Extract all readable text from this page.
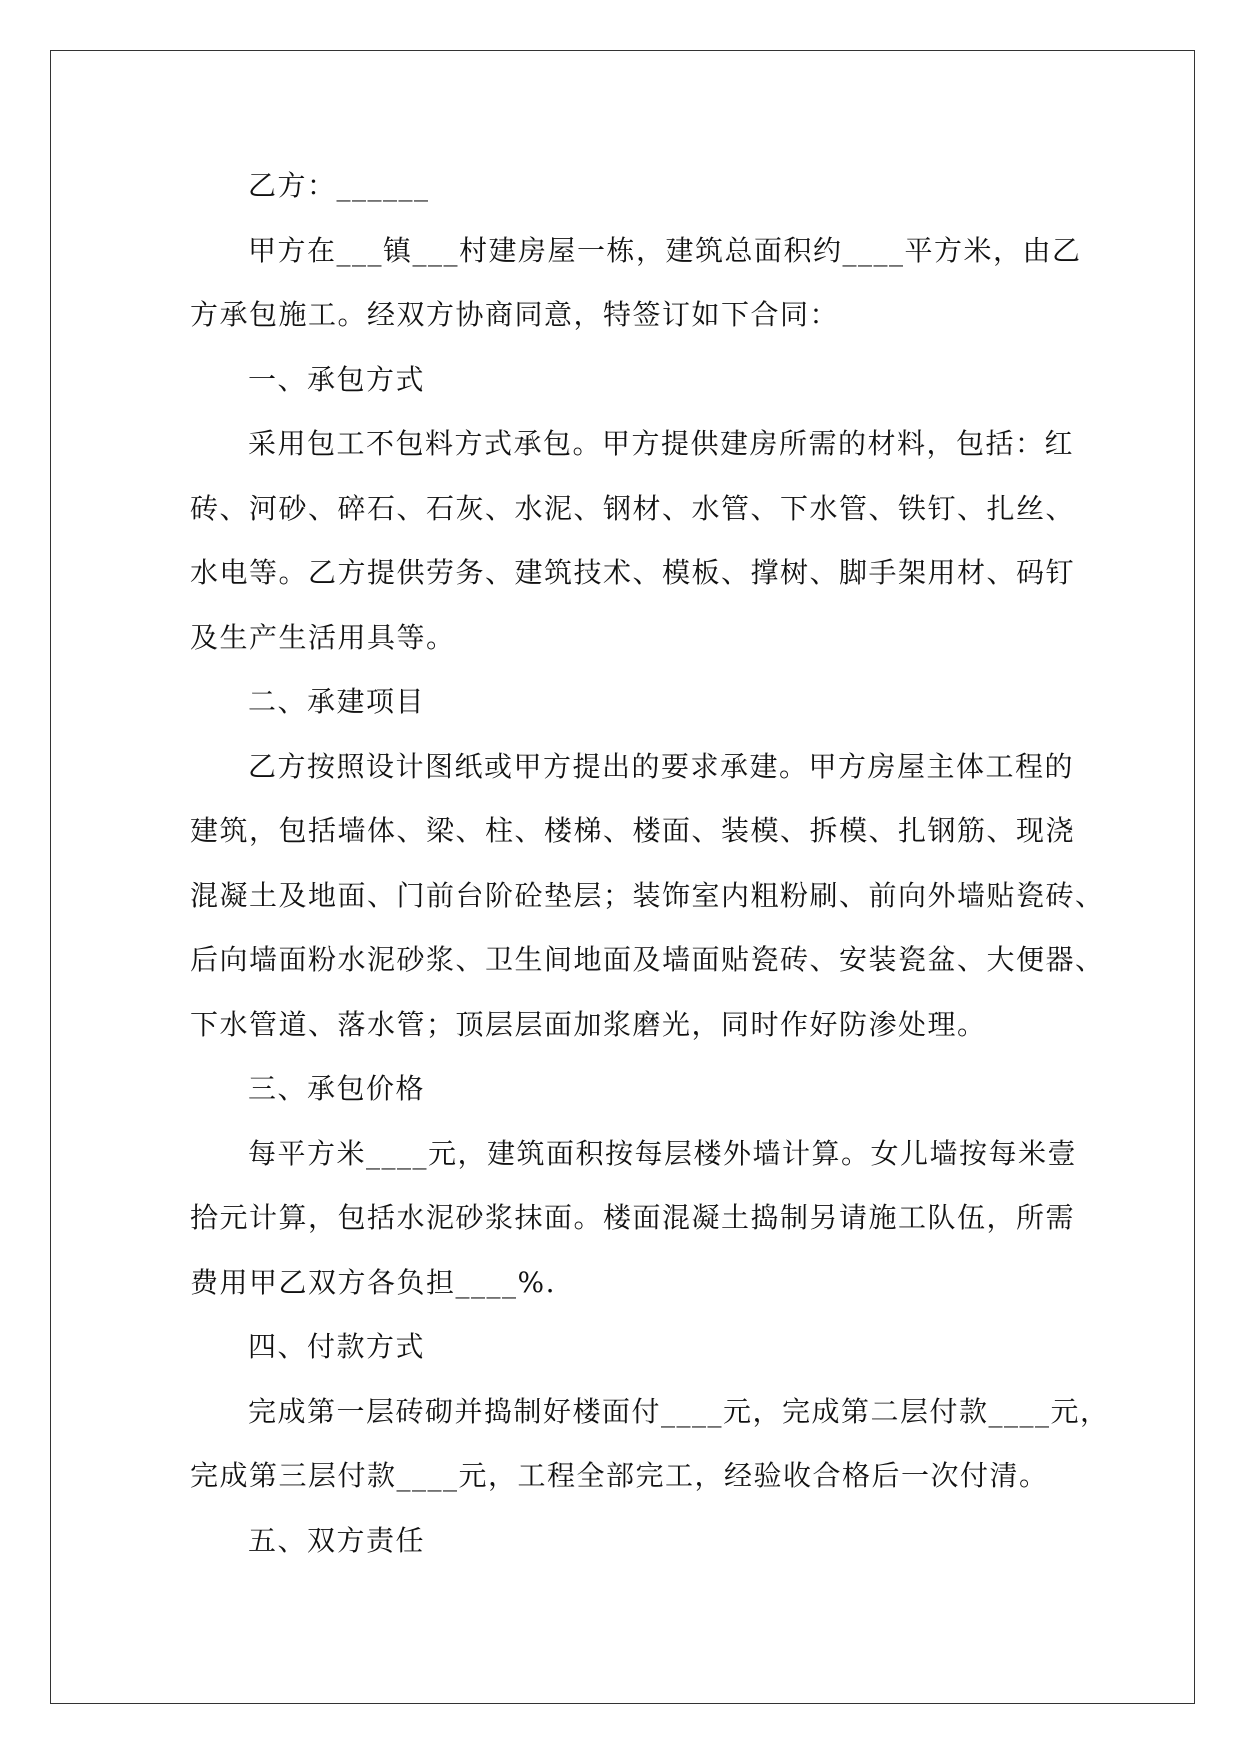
乙方：______
甲方在___镇___村建房屋一栋，建筑总面积约____平方米，由乙
方承包施工。经双方协商同意，特签订如下合同：
一、承包方式
采用包工不包料方式承包。甲方提供建房所需的材料，包括：红
砖、河砂、碎石、石灰、水泥、钢材、水管、下水管、铁钉、扎丝、
水电等。乙方提供劳务、建筑技术、模板、撑树、脚手架用材、码钉
及生产生活用具等。
二、承建项目
乙方按照设计图纸或甲方提出的要求承建。甲方房屋主体工程的
建筑，包括墙体、梁、柱、楼梯、楼面、装模、拆模、扎钢筋、现浇
混凝土及地面、门前台阶砼垫层；装饰室内粗粉刷、前向外墙贴瓷砖、
后向墙面粉水泥砂浆、卫生间地面及墙面贴瓷砖、安装瓷盆、大便器、
下水管道、落水管；顶层层面加浆磨光，同时作好防渗处理。
三、承包价格
每平方米____元，建筑面积按每层楼外墙计算。女儿墙按每米壹
拾元计算，包括水泥砂浆抹面。楼面混凝土捣制另请施工队伍，所需
费用甲乙双方各负担____%.
四、付款方式
完成第一层砖砌并捣制好楼面付____元，完成第二层付款____元，
完成第三层付款____元，工程全部完工，经验收合格后一次付清。
五、双方责任
